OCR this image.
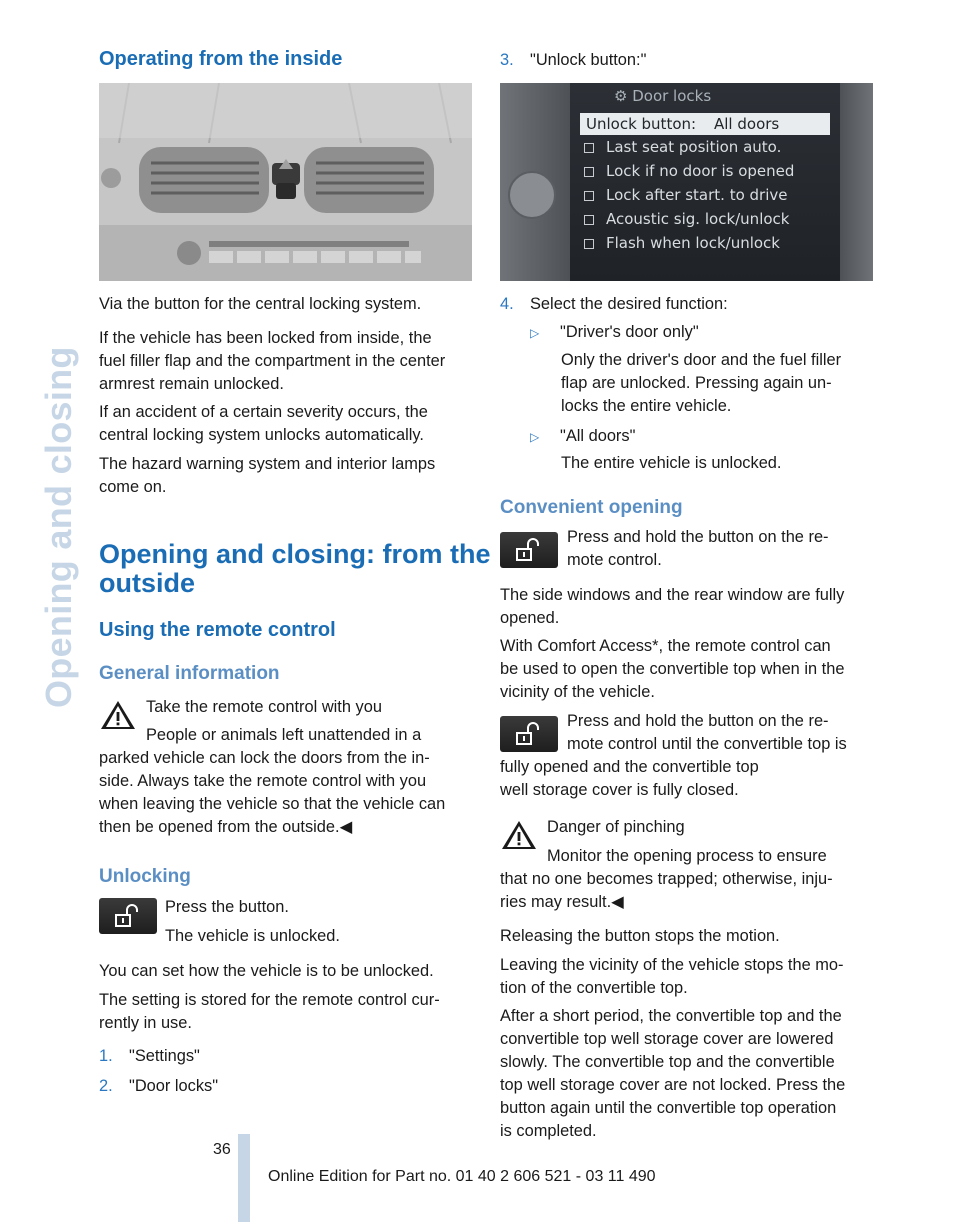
Opening and closing
Operating from the inside
Via the button for the central locking system.
If the vehicle has been locked from inside, the
fuel filler flap and the compartment in the center
armrest remain unlocked.
If an accident of a certain severity occurs, the
central locking system unlocks automatically.
The hazard warning system and interior lamps
come on.
Opening and closing: from the
outside
Using the remote control
General information
Take the remote control with you
People or animals left unattended in a
parked vehicle can lock the doors from the in-
side. Always take the remote control with you
when leaving the vehicle so that the vehicle can
then be opened from the outside.◀
Unlocking
Press the button.
The vehicle is unlocked.
You can set how the vehicle is to be unlocked.
The setting is stored for the remote control cur-
rently in use.
1. "Settings"
2. "Door locks"
3. "Unlock button:"
⚙ Door locks
Unlock button: All doors
Last seat position auto.
Lock if no door is opened
Lock after start. to drive
Acoustic sig. lock/unlock
Flash when lock/unlock
4. Select the desired function:
▷ "Driver's door only"
Only the driver's door and the fuel filler
flap are unlocked. Pressing again un-
locks the entire vehicle.
▷ "All doors"
The entire vehicle is unlocked.
Convenient opening
Press and hold the button on the re-
mote control.
The side windows and the rear window are fully
opened.
With Comfort Access*, the remote control can
be used to open the convertible top when in the
vicinity of the vehicle.
Press and hold the button on the re-
mote control until the convertible top is
fully opened and the convertible top
well storage cover is fully closed.
Danger of pinching
Monitor the opening process to ensure
that no one becomes trapped; otherwise, inju-
ries may result.◀
Releasing the button stops the motion.
Leaving the vicinity of the vehicle stops the mo-
tion of the convertible top.
After a short period, the convertible top and the
convertible top well storage cover are lowered
slowly. The convertible top and the convertible
top well storage cover are not locked. Press the
button again until the convertible top operation
is completed.
36
Online Edition for Part no. 01 40 2 606 521 - 03 11 490
